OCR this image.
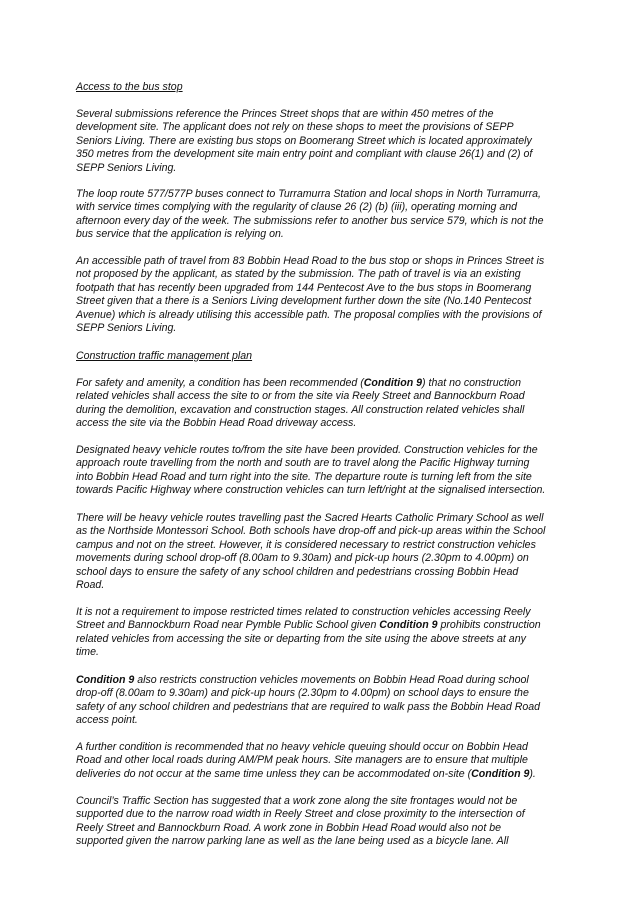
Access to the bus stop

Several submissions reference the Princes Street shops that are within 450 metres of the
development site. The applicant does not rely on these shops to meet the provisions of SEPP
Seniors Living. There are existing bus stops on Boomerang Street which is located approximately
350 metres from the development site main entry point and compliant with clause 26(1) and (2) of
SEPP Seniors Living.

The loop route 577/577P buses connect to Turramurra Station and local shops in North Turramurra,
with service times complying with the regularity of clause 26 (2) (b) (iii), operating morning and
afternoon every day of the week. The submissions refer to another bus service 579, which is not the
bus service that the application is relying on.

An accessible path of travel from 83 Bobbin Head Road to the bus stop or shops in Princes Street is
not proposed by the applicant, as stated by the submission. The path of travel is via an existing
footpath that has recently been upgraded from 144 Pentecost Ave to the bus stops in Boomerang
Street given that a there is a Seniors Living development further down the site (No.140 Pentecost
Avenue) which is already utilising this accessible path. The proposal complies with the provisions of
SEPP Seniors Living.

Construction traffic management plan

For safety and amenity, a condition has been recommended (Condition 9) that no construction
related vehicles shall access the site to or from the site via Reely Street and Bannockburn Road
during the demolition, excavation and construction stages. All construction related vehicles shall
access the site via the Bobbin Head Road driveway access.

Designated heavy vehicle routes to/from the site have been provided. Construction vehicles for the
approach route travelling from the north and south are to travel along the Pacific Highway turning
into Bobbin Head Road and turn right into the site. The departure route is turning left from the site
towards Pacific Highway where construction vehicles can turn left/right at the signalised intersection.

There will be heavy vehicle routes travelling past the Sacred Hearts Catholic Primary School as well
as the Northside Montessori School. Both schools have drop-off and pick-up areas within the School
campus and not on the street. However, it is considered necessary to restrict construction vehicles
movements during school drop-off (8.00am to 9.30am) and pick-up hours (2.30pm to 4.00pm) on
school days to ensure the safety of any school children and pedestrians crossing Bobbin Head
Road.

It is not a requirement to impose restricted times related to construction vehicles accessing Reely
Street and Bannockburn Road near Pymble Public School given Condition 9 prohibits construction
related vehicles from accessing the site or departing from the site using the above streets at any
time.

Condition 9 also restricts construction vehicles movements on Bobbin Head Road during school
drop-off (8.00am to 9.30am) and pick-up hours (2.30pm to 4.00pm) on school days to ensure the
safety of any school children and pedestrians that are required to walk pass the Bobbin Head Road
access point.

A further condition is recommended that no heavy vehicle queuing should occur on Bobbin Head
Road and other local roads during AM/PM peak hours. Site managers are to ensure that multiple
deliveries do not occur at the same time unless they can be accommodated on-site (Condition 9).

Council’s Traffic Section has suggested that a work zone along the site frontages would not be
supported due to the narrow road width in Reely Street and close proximity to the intersection of
Reely Street and Bannockburn Road. A work zone in Bobbin Head Road would also not be
supported given the narrow parking lane as well as the lane being used as a bicycle lane. All
